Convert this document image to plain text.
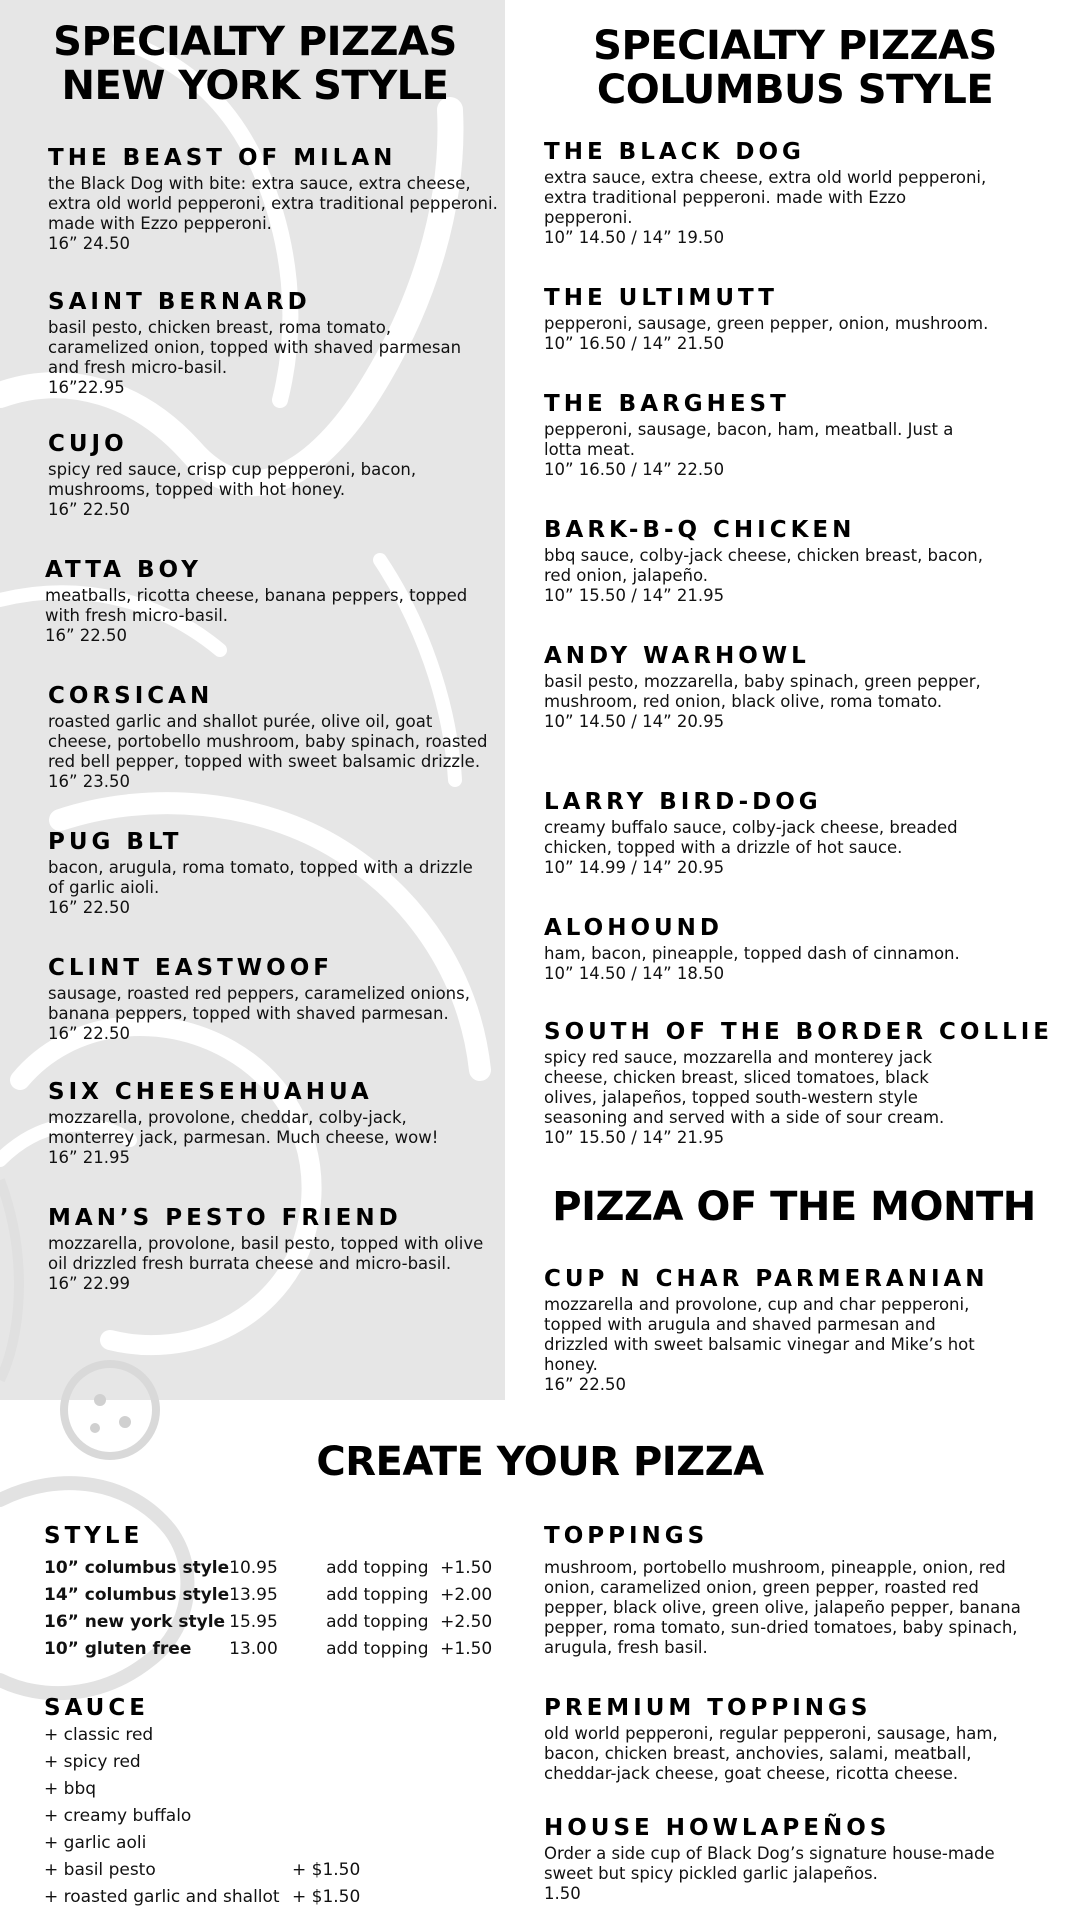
SPECIALTY PIZZAS
NEW YORK STYLE
THE BEAST OF MILAN
the Black Dog with bite: extra sauce, extra cheese, extra old world pepperoni, extra traditional pepperoni. made with Ezzo pepperoni.
16” 24.50
SAINT BERNARD
basil pesto, chicken breast, roma tomato, caramelized onion, topped with shaved parmesan and fresh micro-basil.
16”22.95
CUJO
spicy red sauce, crisp cup pepperoni, bacon, mushrooms, topped with hot honey.
16” 22.50
ATTA BOY
meatballs, ricotta cheese, banana peppers, topped with fresh micro-basil.
16” 22.50
CORSICAN
roasted garlic and shallot purée, olive oil, goat cheese, portobello mushroom, baby spinach, roasted red bell pepper, topped with sweet balsamic drizzle.
16” 23.50
PUG BLT
bacon, arugula, roma tomato, topped with a drizzle of garlic aioli.
16” 22.50
CLINT EASTWOOF
sausage, roasted red peppers, caramelized onions, banana peppers, topped with shaved parmesan.
16” 22.50
SIX CHEESEHUAHUA
mozzarella, provolone, cheddar, colby-jack, monterrey jack, parmesan. Much cheese, wow!
16” 21.95
MAN’S PESTO FRIEND
mozzarella, provolone, basil pesto, topped with olive oil drizzled fresh burrata cheese and micro-basil.
16” 22.99
SPECIALTY PIZZAS
COLUMBUS STYLE
THE BLACK DOG
extra sauce, extra cheese, extra old world pepperoni, extra traditional pepperoni. made with Ezzo pepperoni.
10” 14.50 / 14” 19.50
THE ULTIMUTT
pepperoni, sausage, green pepper, onion, mushroom.
10” 16.50 / 14” 21.50
THE BARGHEST
pepperoni, sausage, bacon, ham, meatball. Just a lotta meat.
10” 16.50 / 14” 22.50
BARK-B-Q CHICKEN
bbq sauce, colby-jack cheese, chicken breast, bacon, red onion, jalapeño.
10” 15.50 / 14” 21.95
ANDY WARHOWL
basil pesto, mozzarella, baby spinach, green pepper, mushroom, red onion, black olive, roma tomato.
10” 14.50 / 14” 20.95
LARRY BIRD-DOG
creamy buffalo sauce, colby-jack cheese, breaded chicken, topped with a drizzle of hot sauce.
10” 14.99 / 14” 20.95
ALOHOUND
ham, bacon, pineapple, topped dash of cinnamon.
10” 14.50 / 14” 18.50
SOUTH OF THE BORDER COLLIE
spicy red sauce, mozzarella and monterey jack cheese, chicken breast, sliced tomatoes, black olives, jalapeños, topped south-western style seasoning and served with a side of sour cream.
10” 15.50 / 14” 21.95
PIZZA OF THE MONTH
CUP N CHAR PARMERANIAN
mozzarella and provolone, cup and char pepperoni, topped with arugula and shaved parmesan and drizzled with sweet balsamic vinegar and Mike’s hot honey.
16” 22.50
CREATE YOUR PIZZA
STYLE
10” columbus style	10.95	add topping	+1.50
14” columbus style	13.95	add topping	+2.00
16” new york style	15.95	add topping	+2.50
10” gluten free	13.00	add topping	+1.50
SAUCE
+ classic red
+ spicy red
+ bbq
+ creamy buffalo
+ garlic aoli
+ basil pesto	+ $1.50
+ roasted garlic and shallot + $1.50
TOPPINGS
mushroom, portobello mushroom, pineapple, onion, red onion, caramelized onion, green pepper, roasted red pepper, black olive, green olive, jalapeño pepper, banana pepper, roma tomato, sun-dried tomatoes, baby spinach, arugula, fresh basil.
PREMIUM TOPPINGS
old world pepperoni, regular pepperoni, sausage, ham, bacon, chicken breast, anchovies, salami, meatball, cheddar-jack cheese, goat cheese, ricotta cheese.
HOUSE HOWLAPEÑOS
Order a side cup of Black Dog’s signature house-made sweet but spicy pickled garlic jalapeños.
1.50
